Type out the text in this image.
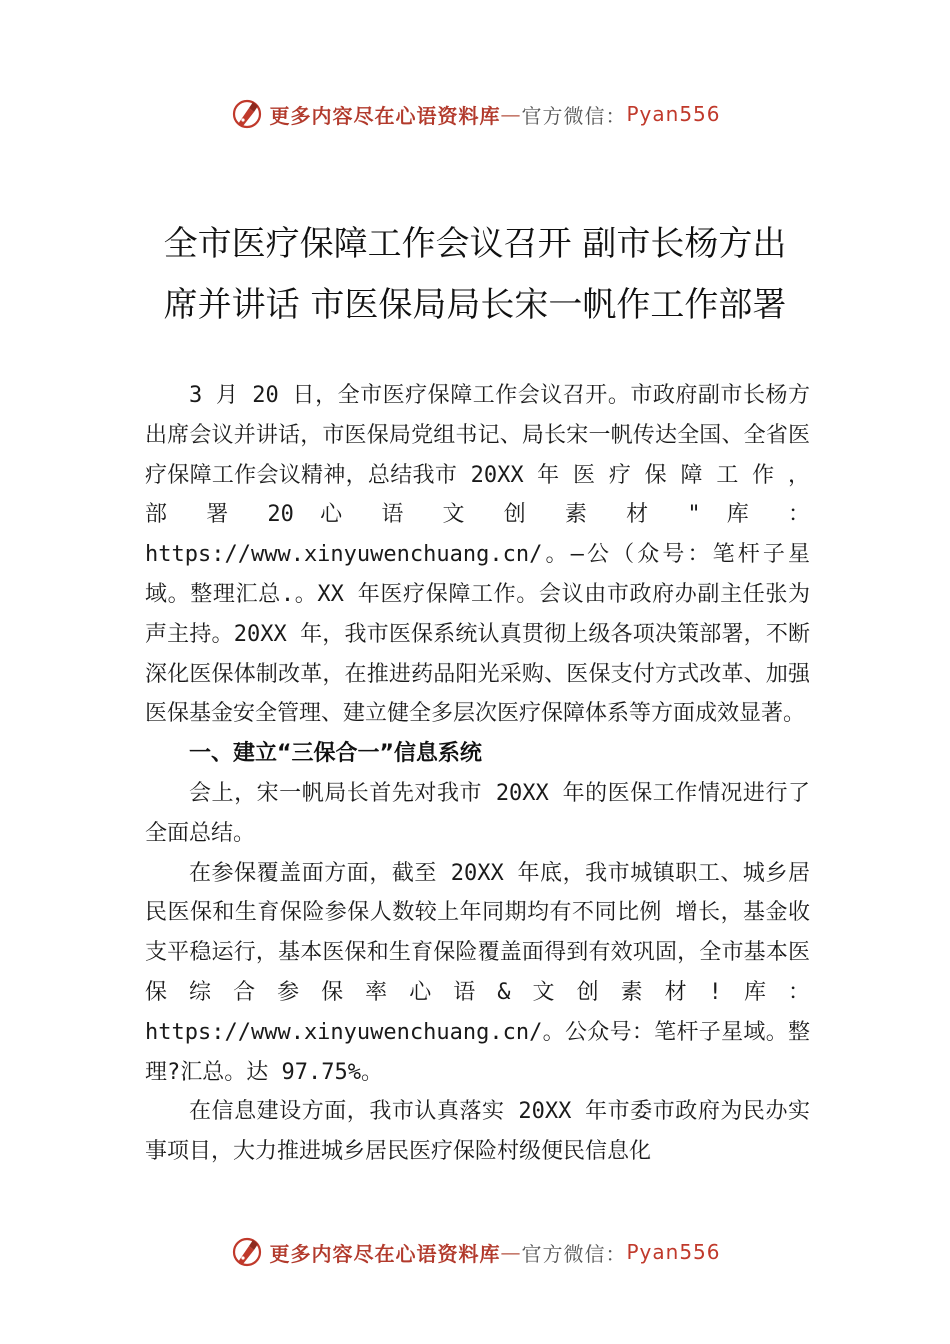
更多内容尽在心语资料库 — 官方微信： Pyan556
全市医疗保障工作会议召开 副市长杨方出
席并讲话 市医保局局长宋一帆作工作部署

3 月 20 日，全市医疗保障工作会议召开。市政府副市长杨方出席会议并讲话，市医保局党组书记、局长宋一帆传达全国、全省医疗保障工作会议精神，总结我市 20XX 年 医 疗 保 障 工 作 ， 部 署 20 心 语 文 创 素 材 " 库 ：https://www.xinyuwenchuang.cn/。—公（众号：笔杆子星域。整理汇总.。XX 年医疗保障工作。会议由市政府办副主任张为声主持。20XX 年，我市医保系统认真贯彻上级各项决策部署，不断深化医保体制改革，在推进药品阳光采购、医保支付方式改革、加强医保基金安全管理、建立健全多层次医疗保障体系等方面成效显著。

一、建立“三保合一”信息系统

会上，宋一帆局长首先对我市 20XX 年的医保工作情况进行了全面总结。

在参保覆盖面方面，截至 20XX 年底，我市城镇职工、城乡居民医保和生育保险参保人数较上年同期均有不同比例 增长，基金收支平稳运行，基本医保和生育保险覆盖面得到有效巩固，全市基本医保综合参保率心语&文创素材!库：https://www.xinyuwenchuang.cn/。公众号：笔杆子星域。整理?汇总。达 97.75%。

在信息建设方面，我市认真落实 20XX 年市委市政府为民办实事项目，大力推进城乡居民医疗保险村级便民信息化

更多内容尽在心语资料库 — 官方微信： Pyan556
